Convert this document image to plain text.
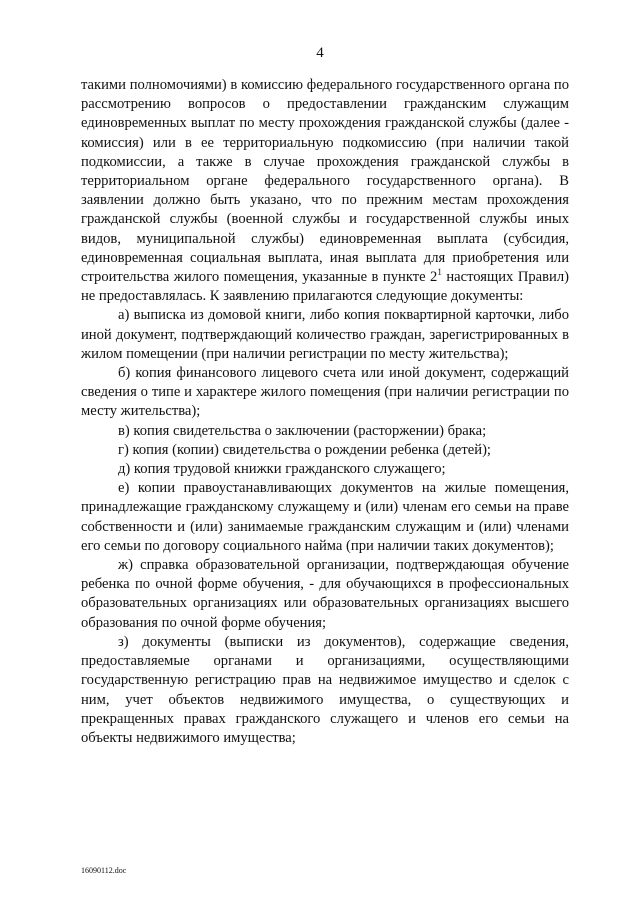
4

такими полномочиями) в комиссию федерального государственного органа по рассмотрению вопросов о предоставлении гражданским служащим единовременных выплат по месту прохождения гражданской службы (далее - комиссия) или в ее территориальную подкомиссию (при наличии такой подкомиссии, а также в случае прохождения гражданской службы в территориальном органе федерального государственного органа). В заявлении должно быть указано, что по прежним местам прохождения гражданской службы (военной службы и государственной службы иных видов, муниципальной службы) единовременная выплата (субсидия, единовременная социальная выплата, иная выплата для приобретения или строительства жилого помещения, указанные в пункте $2^1$ настоящих Правил) не предоставлялась. К заявлению прилагаются следующие документы:

а) выписка из домовой книги, либо копия поквартирной карточки, либо иной документ, подтверждающий количество граждан, зарегистрированных в жилом помещении (при наличии регистрации по месту жительства);

б) копия финансового лицевого счета или иной документ, содержащий сведения о типе и характере жилого помещения (при наличии регистрации по месту жительства);

в) копия свидетельства о заключении (расторжении) брака;

г) копия (копии) свидетельства о рождении ребенка (детей);

д) копия трудовой книжки гражданского служащего;

е) копии правоустанавливающих документов на жилые помещения, принадлежащие гражданскому служащему и (или) членам его семьи на праве собственности и (или) занимаемые гражданским служащим и (или) членами его семьи по договору социального найма (при наличии таких документов);

ж) справка образовательной организации, подтверждающая обучение ребенка по очной форме обучения, - для обучающихся в профессиональных образовательных организациях или образовательных организациях высшего образования по очной форме обучения;

з) документы (выписки из документов), содержащие сведения, предоставляемые органами и организациями, осуществляющими государственную регистрацию прав на недвижимое имущество и сделок с ним, учет объектов недвижимого имущества, о существующих и прекращенных правах гражданского служащего и членов его семьи на объекты недвижимого имущества;

16090112.doc
